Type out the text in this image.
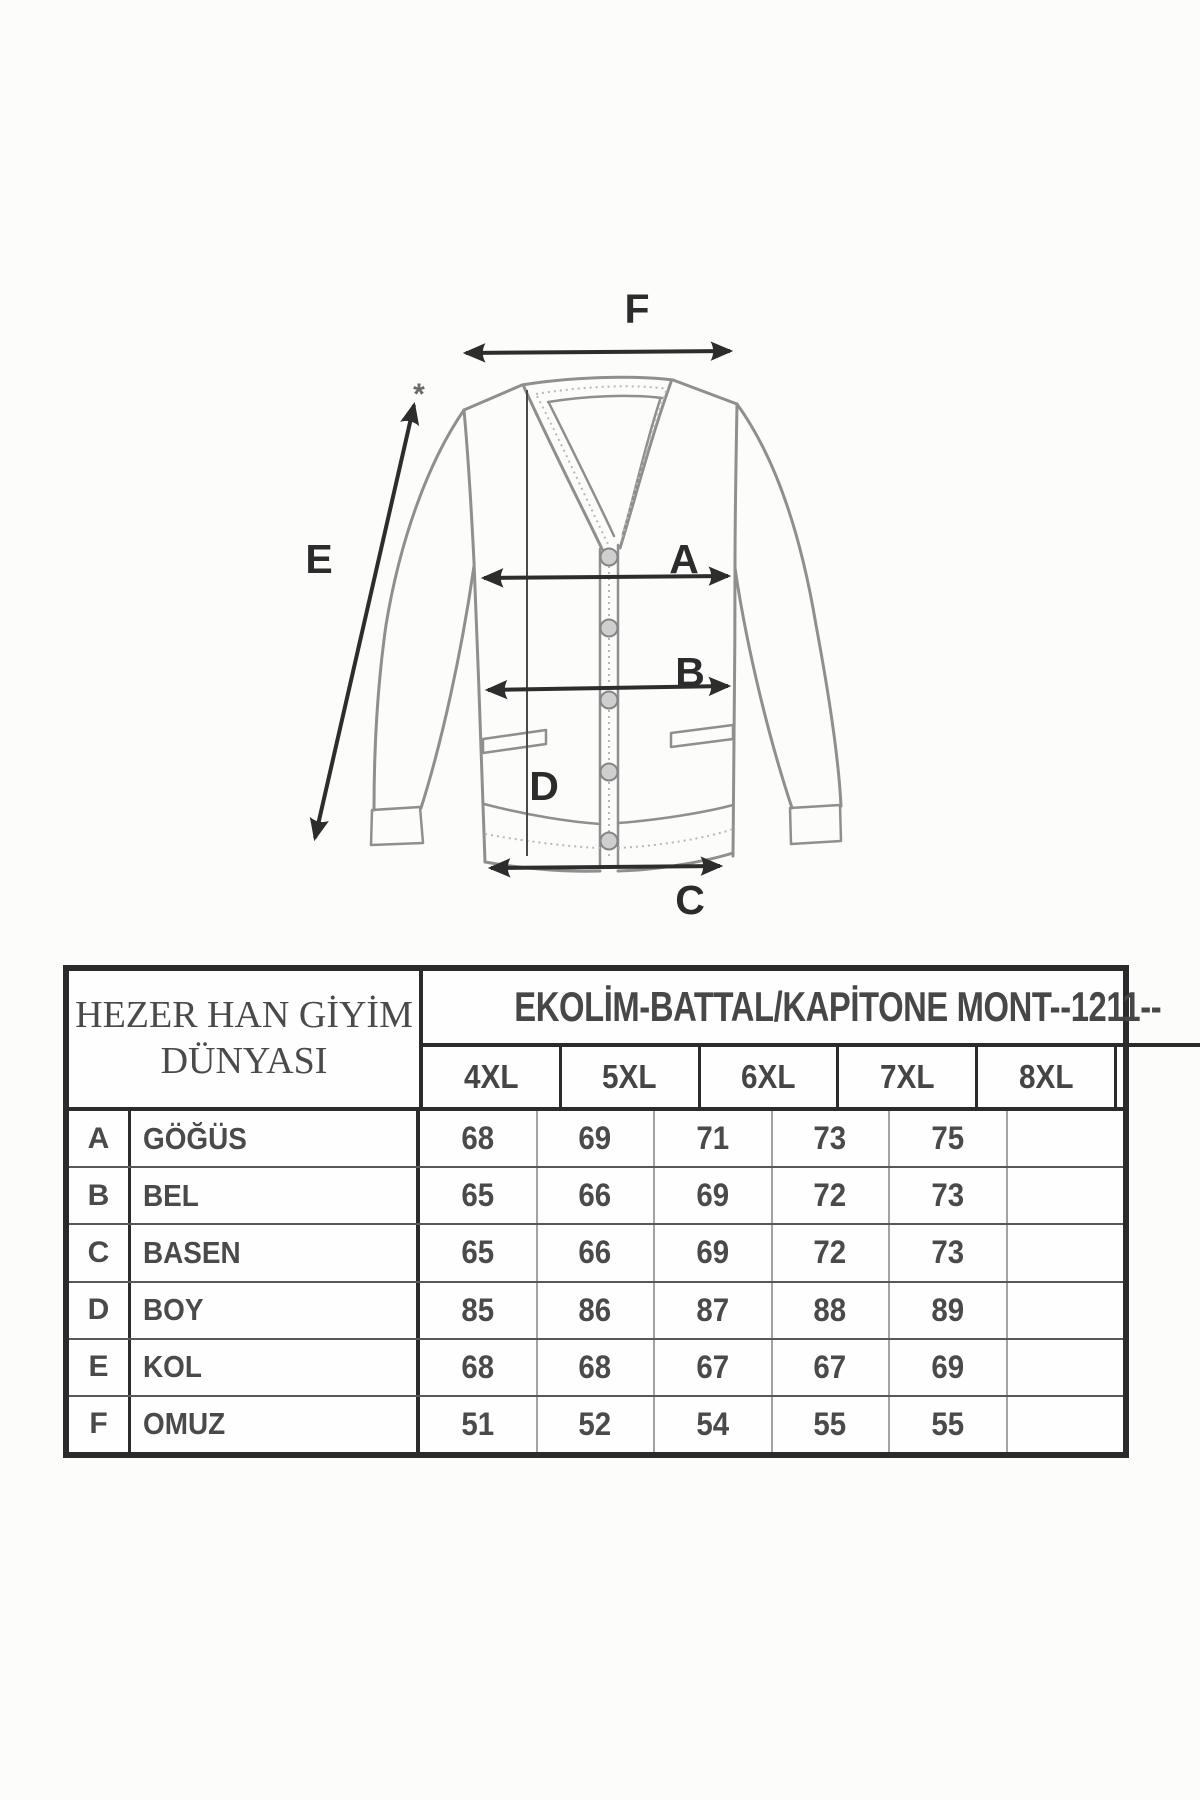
*
F
E	A
B
D
C
HEZER HAN GİYİM
DÜNYASI
EKOLİM-BATTAL/KAPİTONE MONT--1211--
4XL	5XL	6XL	7XL	8XL
A	GÖĞÜS	68	69	71	73	75
B	BEL	65	66	69	72	73
C	BASEN	65	66	69	72	73
D	BOY	85	86	87	88	89
E	KOL	68	68	67	67	69
F	OMUZ	51	52	54	55	55
